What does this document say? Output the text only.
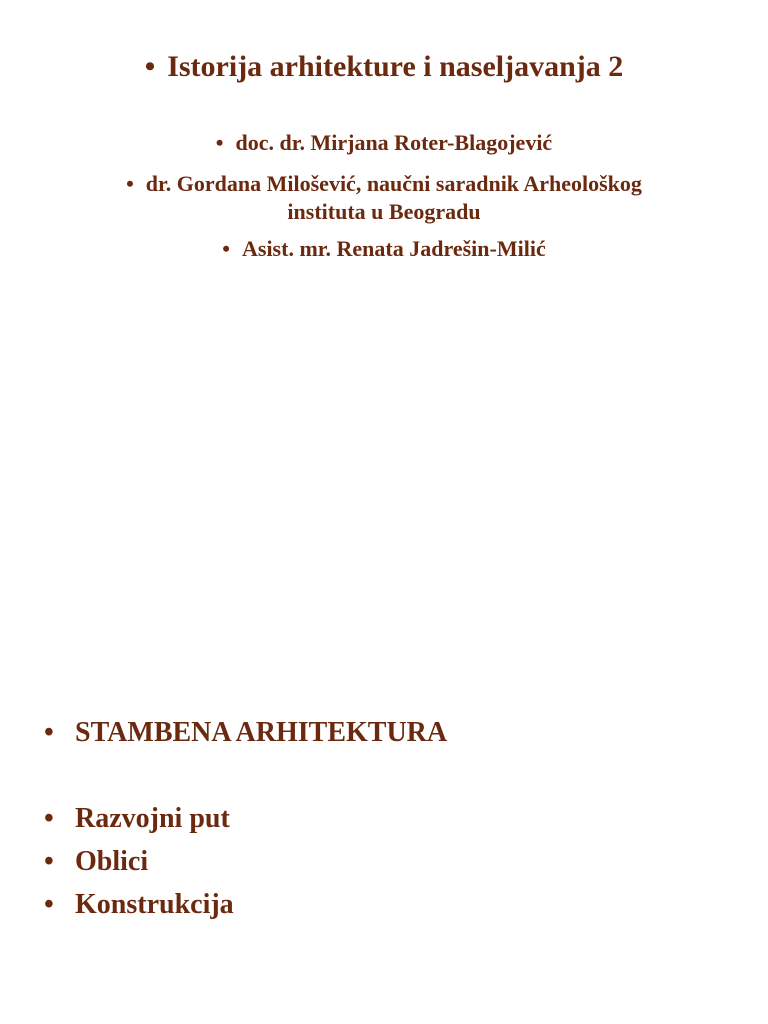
• Istorija arhitekture i naseljavanja 2
• doc. dr. Mirjana Roter-Blagojević
• dr. Gordana Milošević, naučni saradnik Arheološkog
instituta u Beogradu
• Asist. mr. Renata Jadrešin-Milić
• STAMBENA ARHITEKTURA
• Razvojni put
• Oblici
• Konstrukcija
